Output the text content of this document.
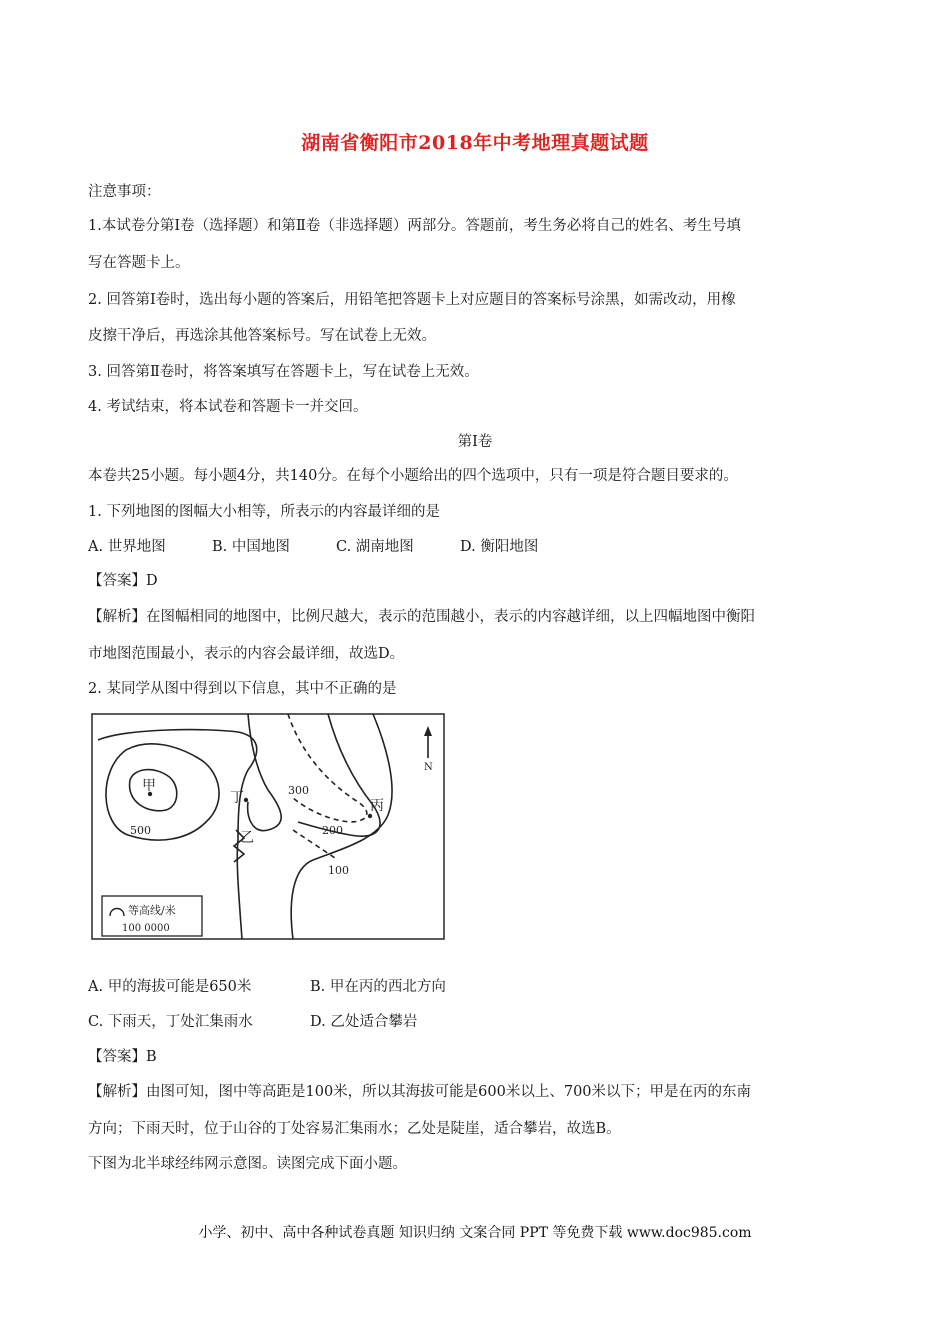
湖南省衡阳市2018年中考地理真题试题
注意事项：
1.本试卷分第Ⅰ卷（选择题）和第Ⅱ卷（非选择题）两部分。答题前，考生务必将自己的姓名、考生号填
写在答题卡上。
2. 回答第Ⅰ卷时，选出每小题的答案后，用铅笔把答题卡上对应题目的答案标号涂黑，如需改动，用橡
皮擦干净后，再选涂其他答案标号。写在试卷上无效。
3. 回答第Ⅱ卷时，将答案填写在答题卡上，写在试卷上无效。
4. 考试结束，将本试卷和答题卡一并交回。
第Ⅰ卷
本卷共25小题。每小题4分，共140分。在每个小题给出的四个选项中，只有一项是符合题目要求的。
1. 下列地图的图幅大小相等，所表示的内容最详细的是
A. 世界地图	B. 中国地图	C. 湖南地图	D. 衡阳地图
【答案】D
【解析】在图幅相同的地图中，比例尺越大，表示的范围越小，表示的内容越详细，以上四幅地图中衡阳
市地图范围最小，表示的内容会最详细，故选D。
2. 某同学从图中得到以下信息，其中不正确的是
甲
丁	丙
乙
500
300
200
100
N
等高线/米
100 0000
A. 甲的海拔可能是650米	B. 甲在丙的西北方向
C. 下雨天，丁处汇集雨水	D. 乙处适合攀岩
【答案】B
【解析】由图可知，图中等高距是100米，所以其海拔可能是600米以上、700米以下；甲是在丙的东南
方向；下雨天时，位于山谷的丁处容易汇集雨水；乙处是陡崖，适合攀岩，故选B。
下图为北半球经纬网示意图。读图完成下面小题。
小学、初中、高中各种试卷真题 知识归纳 文案合同 PPT 等免费下载 www.doc985.com
